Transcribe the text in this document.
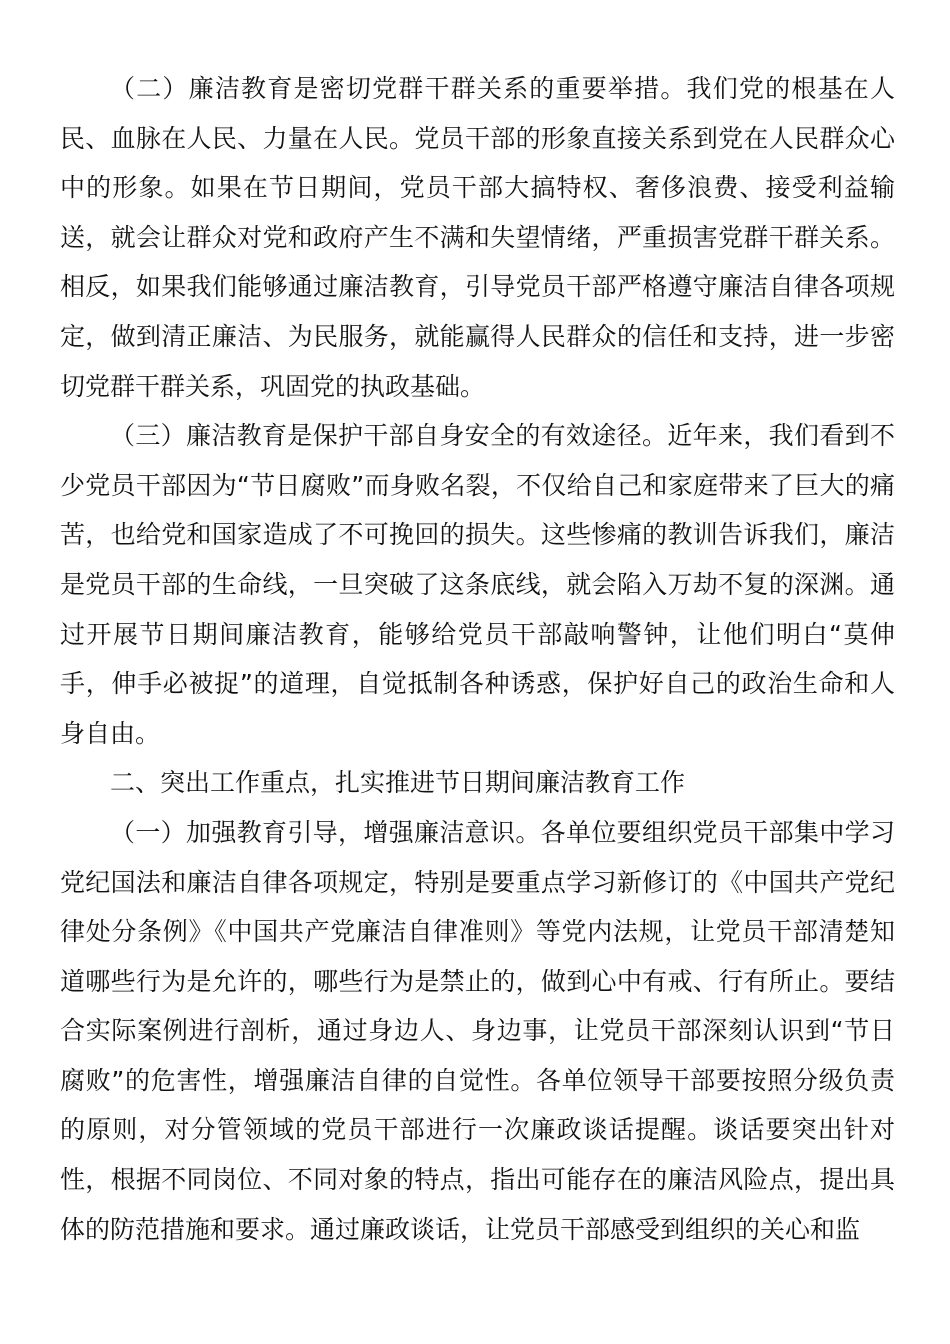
（二）廉洁教育是密切党群干群关系的重要举措。我们党的根基在人民、血脉在人民、力量在人民。党员干部的形象直接关系到党在人民群众心中的形象。如果在节日期间，党员干部大搞特权、奢侈浪费、接受利益输送，就会让群众对党和政府产生不满和失望情绪，严重损害党群干群关系。相反，如果我们能够通过廉洁教育，引导党员干部严格遵守廉洁自律各项规定，做到清正廉洁、为民服务，就能赢得人民群众的信任和支持，进一步密切党群干群关系，巩固党的执政基础。

（三）廉洁教育是保护干部自身安全的有效途径。近年来，我们看到不少党员干部因为“节日腐败”而身败名裂，不仅给自己和家庭带来了巨大的痛苦，也给党和国家造成了不可挽回的损失。这些惨痛的教训告诉我们，廉洁是党员干部的生命线，一旦突破了这条底线，就会陷入万劫不复的深渊。通过开展节日期间廉洁教育，能够给党员干部敲响警钟，让他们明白“莫伸手，伸手必被捉”的道理，自觉抵制各种诱惑，保护好自己的政治生命和人身自由。

二、突出工作重点，扎实推进节日期间廉洁教育工作

（一）加强教育引导，增强廉洁意识。各单位要组织党员干部集中学习党纪国法和廉洁自律各项规定，特别是要重点学习新修订的《中国共产党纪律处分条例》《中国共产党廉洁自律准则》等党内法规，让党员干部清楚知道哪些行为是允许的，哪些行为是禁止的，做到心中有戒、行有所止。要结合实际案例进行剖析，通过身边人、身边事，让党员干部深刻认识到“节日腐败”的危害性，增强廉洁自律的自觉性。各单位领导干部要按照分级负责的原则，对分管领域的党员干部进行一次廉政谈话提醒。谈话要突出针对性，根据不同岗位、不同对象的特点，指出可能存在的廉洁风险点，提出具体的防范措施和要求。通过廉政谈话，让党员干部感受到组织的关心和监
